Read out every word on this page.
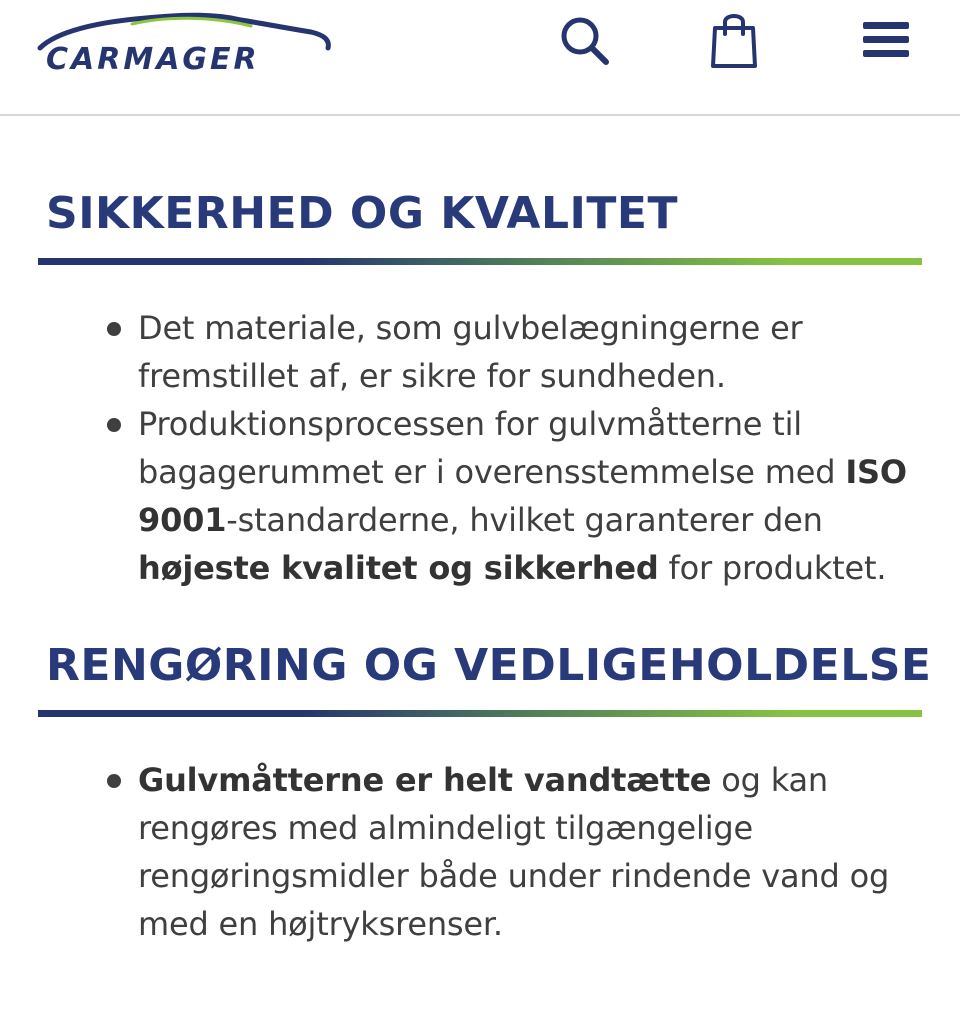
CARMAGER
SIKKERHED OG KVALITET
Det materiale, som gulvbelægningerne er fremstillet af, er sikre for sundheden.
Produktionsprocessen for gulvmåtterne til bagagerummet er i overensstemmelse med ISO 9001-standarderne, hvilket garanterer den højeste kvalitet og sikkerhed for produktet.
RENGØRING OG VEDLIGEHOLDELSE
Gulvmåtterne er helt vandtætte og kan rengøres med almindeligt tilgængelige rengøringsmidler både under rindende vand og med en højtryksrenser.
